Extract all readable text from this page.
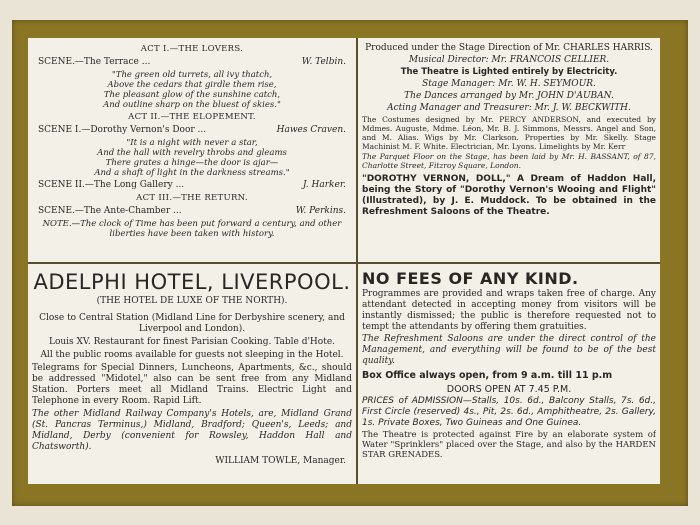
ACT I.—THE LOVERS.
SCENE.—The Terrace ...	W. Telbin.
"The green old turrets, all ivy thatch,
Above the cedars that girdle them rise,
The pleasant glow of the sunshine catch,
And outline sharp on the bluest of skies."
ACT II.—THE ELOPEMENT.
SCENE I.—Dorothy Vernon's Door ...	Hawes Craven.
"It is a night with never a star,
And the hall with revelry throbs and gleams
There grates a hinge—the door is ajar—
And a shaft of light in the darkness streams."
SCENE II.—The Long Gallery ...	J. Harker.
ACT III.—THE RETURN.
SCENE.—The Ante-Chamber ...	W. Perkins.
NOTE.—The clock of Time has been put forward a century, and other liberties have been taken with history.

Produced under the Stage Direction of Mr. CHARLES HARRIS.

Musical Director: Mr. FRANCOIS CELLIER.

The Theatre is Lighted entirely by Electricity.

Stage Manager: Mr. W. H. SEYMOUR.

The Dances arranged by Mr. JOHN D'AUBAN.

Acting Manager and Treasurer: Mr. J. W. BECKWITH.

The Costumes designed by Mr. PERCY ANDERSON, and executed by Mdmes. Auguste, Mdme. Léon, Mr. B. J. Simmons, Messrs. Angel and Son, and M. Alias. Wigs by Mr. Clarkson. Properties by Mr. Skelly. Stage Machinist M. F. White. Electrician, Mr. Lyons. Limelights by Mr. Kerr

The Parquet Floor on the Stage, has been laid by Mr. H. BASSANT, of 87, Charlotte Street, Fitzroy Square, London.

"DOROTHY VERNON, DOLL," A Dream of Haddon Hall, being the Story of "Dorothy Vernon's Wooing and Flight" (Illustrated), by J. E. Muddock. To be obtained in the Refreshment Saloons of the Theatre.

ADELPHI HOTEL, LIVERPOOL.
(THE HOTEL DE LUXE OF THE NORTH).

Close to Central Station (Midland Line for Derbyshire scenery, and Liverpool and London).

Louis XV. Restaurant for finest Parisian Cooking. Table d'Hote.

All the public rooms available for guests not sleeping in the Hotel.

Telegrams for Special Dinners, Luncheons, Apartments, &c., should be addressed "Midotel," also can be sent free from any Midland Station. Porters meet all Midland Trains. Electric Light and Telephone in every Room. Rapid Lift.

The other Midland Railway Company's Hotels, are, Midland Grand (St. Pancras Terminus,) Midland, Bradford; Queen's, Leeds; and Midland, Derby (convenient for Rowsley, Haddon Hall and Chatsworth).

WILLIAM TOWLE, Manager.
NO FEES OF ANY KIND.

Programmes are provided and wraps taken free of charge. Any attendant detected in accepting money from visitors will be instantly dismissed; the public is therefore requested not to tempt the attendants by offering them gratuities.

The Refreshment Saloons are under the direct control of the Management, and everything will be found to be of the best quality.

Box Office always open, from 9 a.m. till 11 p.m
DOORS OPEN AT 7.45 P.M.

PRICES of ADMISSION—Stalls, 10s. 6d., Balcony Stalls, 7s. 6d., First Circle (reserved) 4s., Pit, 2s. 6d., Amphitheatre, 2s. Gallery, 1s. Private Boxes, Two Guineas and One Guinea.

The Theatre is protected against Fire by an elaborate system of Water "Sprinklers" placed over the Stage, and also by the HARDEN STAR GRENADES.
